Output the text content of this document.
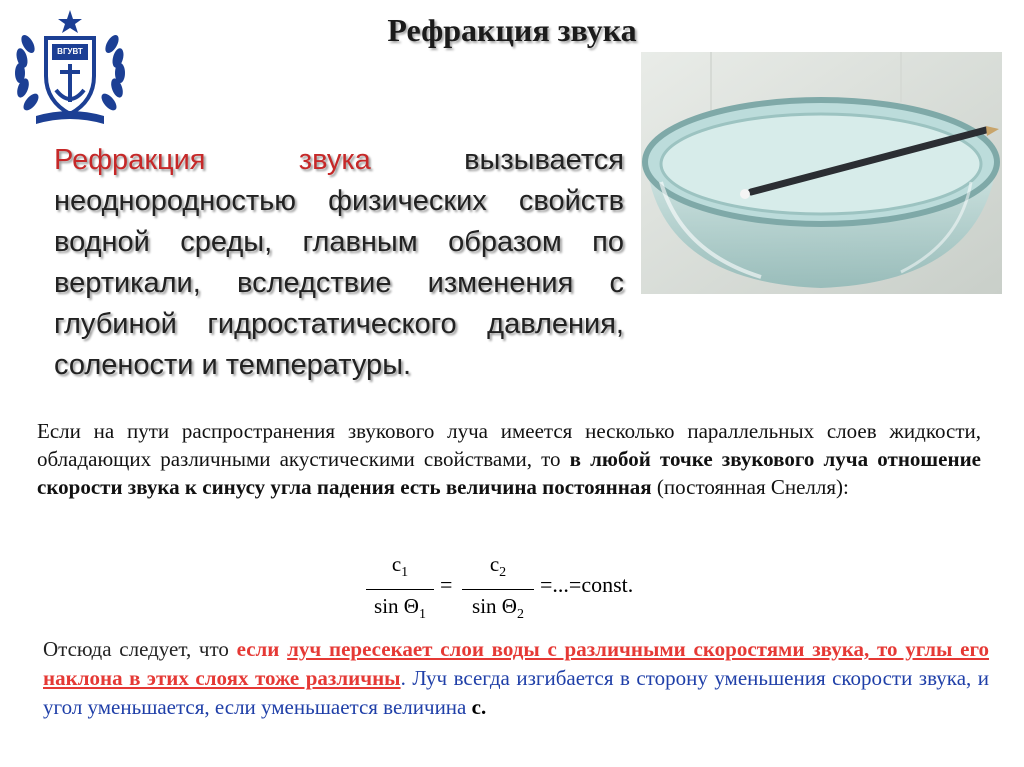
ВГУВТ
Рефракция звука
Рефракция звука вызывается неоднородностью физических свойств водной среды, главным образом по вертикали, вследствие изменения с глубиной гидростатического давления, солености и температуры.
Если на пути распространения звукового луча имеется несколько параллельных слоев жидкости, обладающих различными акустическими свойствами, то в любой точке звукового луча отношение скорости звука к синусу угла падения есть величина постоянная (постоянная Снелля):
$c_1$
$\sin \Theta_1$
=
$c_2$
$\sin \Theta_2$
=...=const.
Отсюда следует, что если луч пересекает слои воды с различными скоростями звука, то углы его наклона в этих слоях тоже различны. Луч всегда изгибается в сторону уменьшения скорости звука, и угол уменьшается, если уменьшается величина с.
